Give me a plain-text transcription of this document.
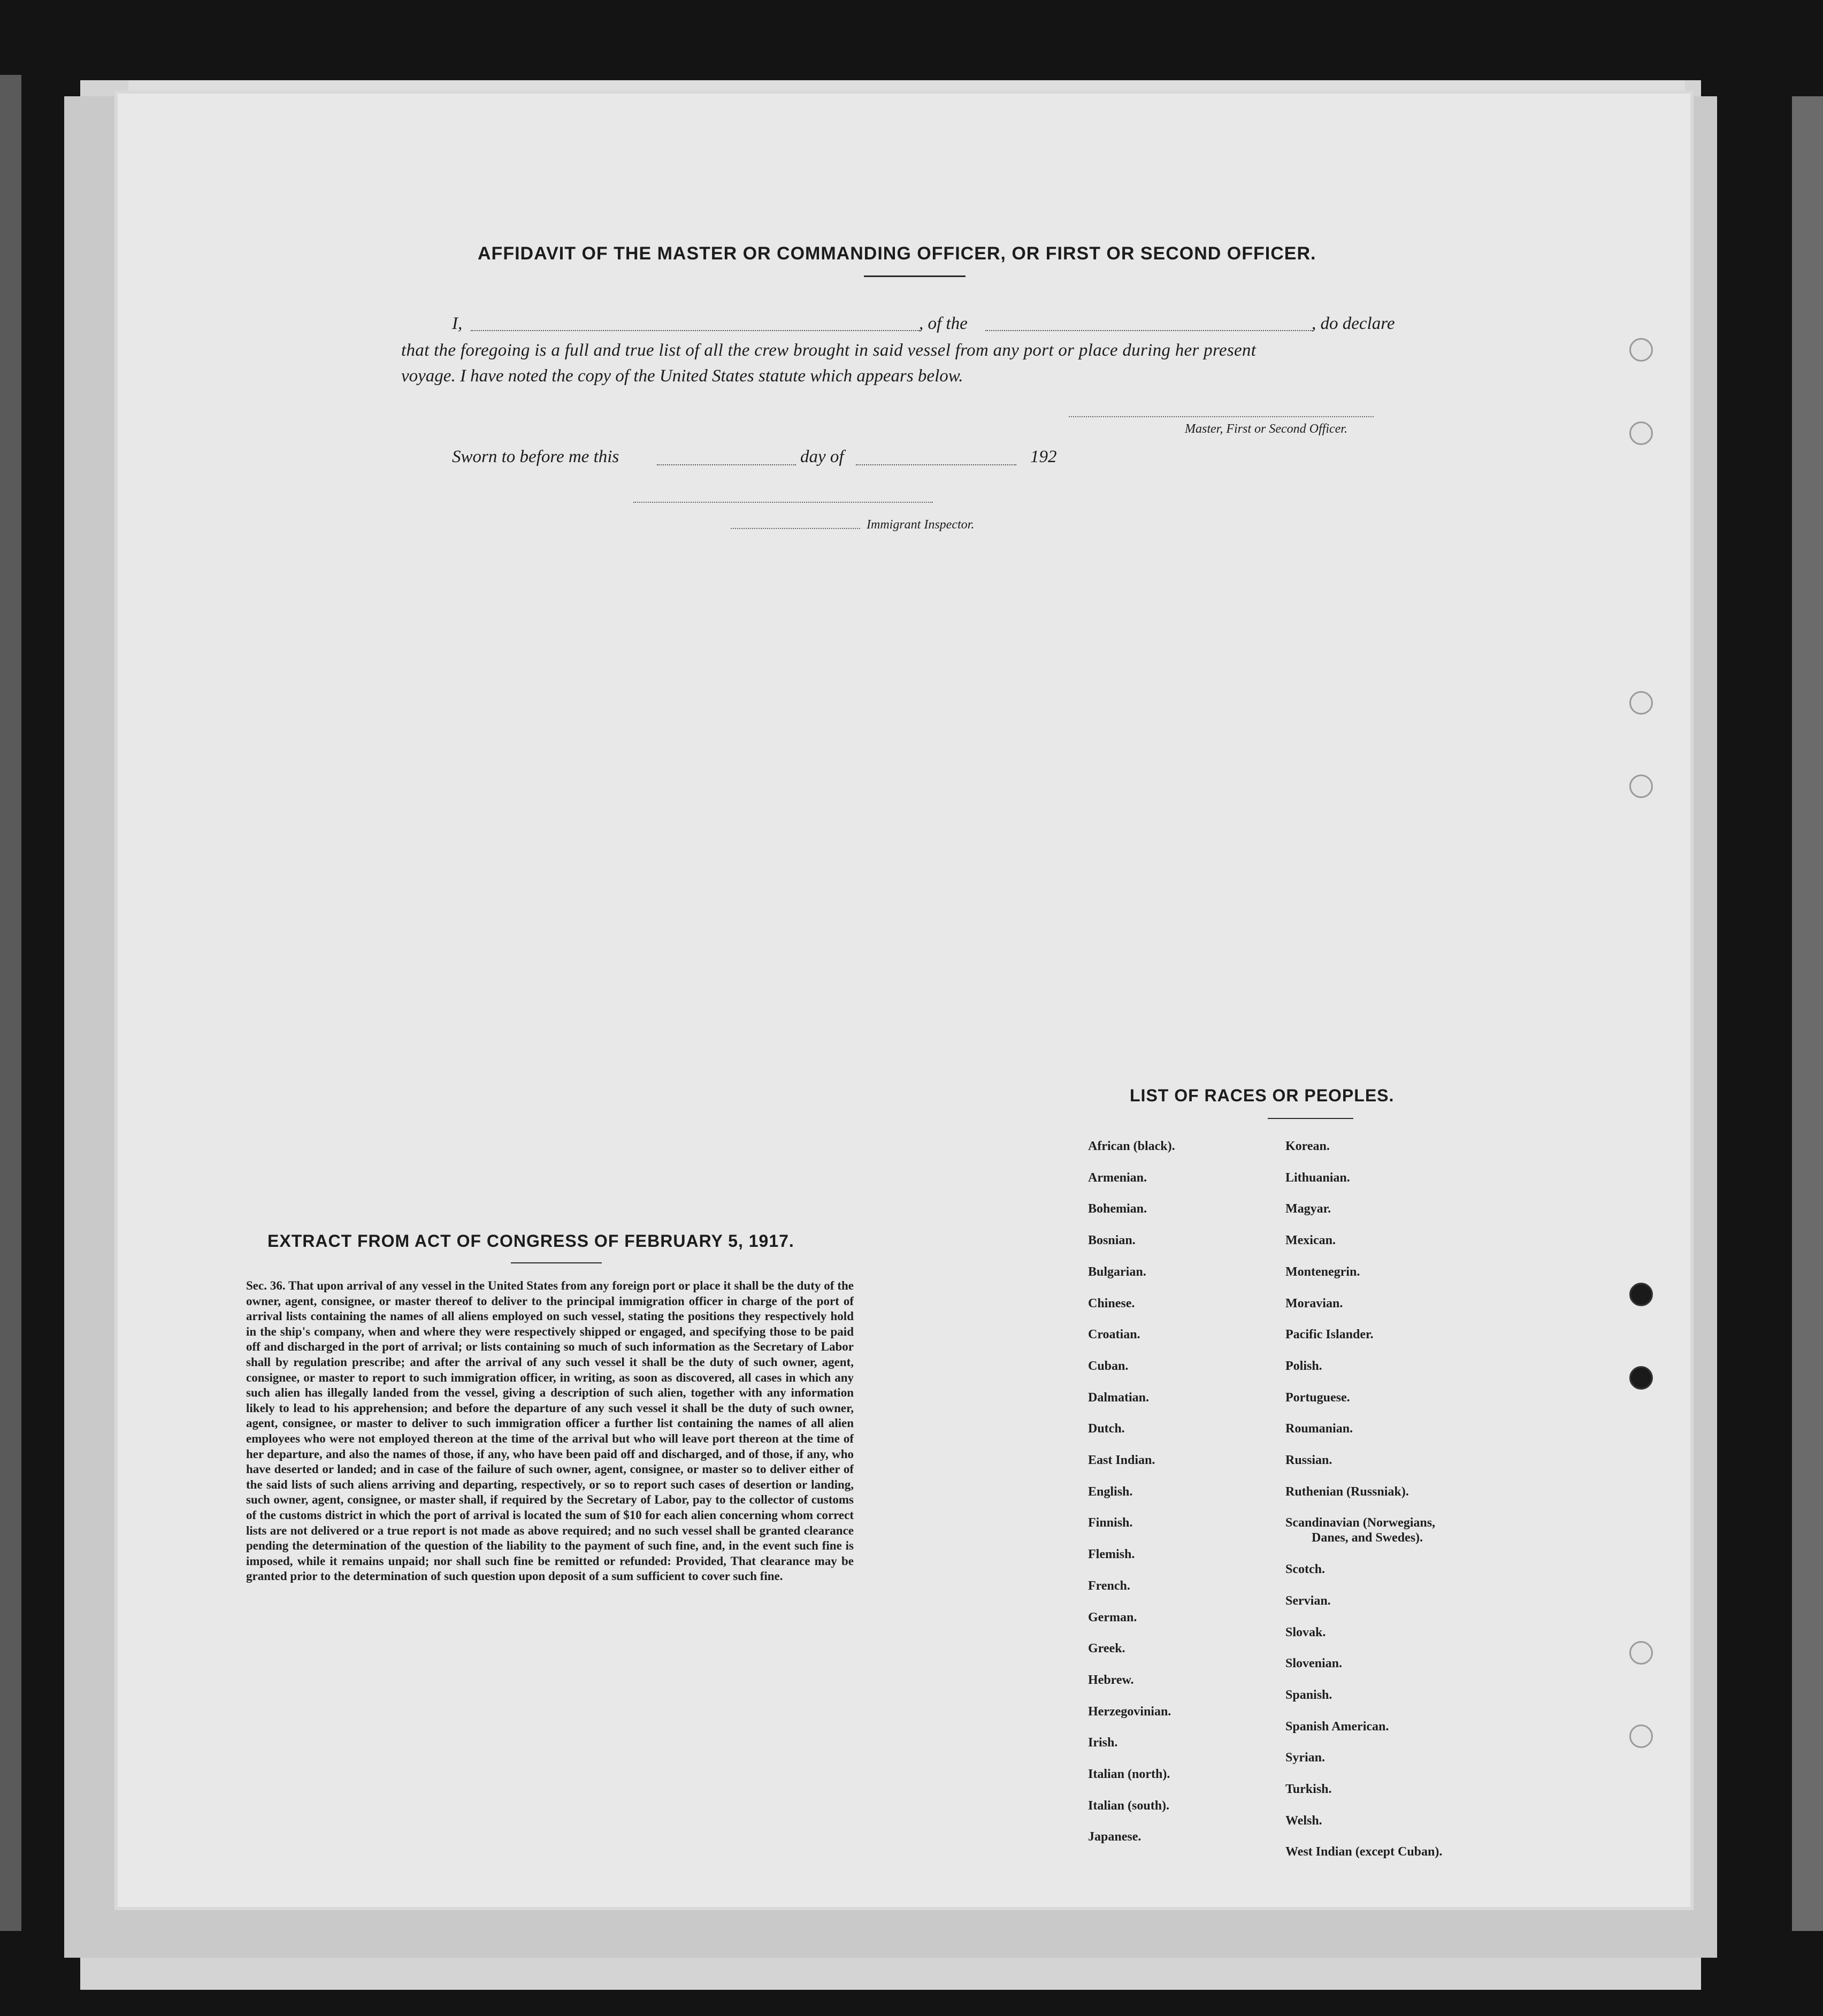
AFFIDAVIT OF THE MASTER OR COMMANDING OFFICER, OR FIRST OR SECOND OFFICER.
I,	, of the	, do declare
that the foregoing is a full and true list of all the crew brought in said vessel from any port or place during her present
voyage. I have noted the copy of the United States statute which appears below.
Master, First or Second Officer.
Sworn to before me this	day of	192
Immigrant Inspector.
EXTRACT FROM ACT OF CONGRESS OF FEBRUARY 5, 1917.
Sec. 36. That upon arrival of any vessel in the United States from any foreign port or place it shall be the duty of the owner, agent, consignee, or master thereof to deliver to the principal immigration officer in charge of the port of arrival lists containing the names of all aliens employed on such vessel, stating the positions they respectively hold in the ship's company, when and where they were respectively shipped or engaged, and specifying those to be paid off and discharged in the port of arrival; or lists containing so much of such information as the Secretary of Labor shall by regulation prescribe; and after the arrival of any such vessel it shall be the duty of such owner, agent, consignee, or master to report to such immigration officer, in writing, as soon as discovered, all cases in which any such alien has illegally landed from the vessel, giving a description of such alien, together with any information likely to lead to his apprehension; and before the departure of any such vessel it shall be the duty of such owner, agent, consignee, or master to deliver to such immigration officer a further list containing the names of all alien employees who were not employed thereon at the time of the arrival but who will leave port thereon at the time of her departure, and also the names of those, if any, who have been paid off and discharged, and of those, if any, who have deserted or landed; and in case of the failure of such owner, agent, consignee, or master so to deliver either of the said lists of such aliens arriving and departing, respectively, or so to report such cases of desertion or landing, such owner, agent, consignee, or master shall, if required by the Secretary of Labor, pay to the collector of customs of the customs district in which the port of arrival is located the sum of $10 for each alien concerning whom correct lists are not delivered or a true report is not made as above required; and no such vessel shall be granted clearance pending the determination of the question of the liability to the payment of such fine, and, in the event such fine is imposed, while it remains unpaid; nor shall such fine be remitted or refunded: Provided, That clearance may be granted prior to the determination of such question upon deposit of a sum sufficient to cover such fine.
LIST OF RACES OR PEOPLES.
African (black).
Armenian.
Bohemian.
Bosnian.
Bulgarian.
Chinese.
Croatian.
Cuban.
Dalmatian.
Dutch.
East Indian.
English.
Finnish.
Flemish.
French.
German.
Greek.
Hebrew.
Herzegovinian.
Irish.
Italian (north).
Italian (south).
Japanese.
Korean.
Lithuanian.
Magyar.
Mexican.
Montenegrin.
Moravian.
Pacific Islander.
Polish.
Portuguese.
Roumanian.
Russian.
Ruthenian (Russniak).
Scandinavian (Norwegians,
Danes, and Swedes).
Scotch.
Servian.
Slovak.
Slovenian.
Spanish.
Spanish American.
Syrian.
Turkish.
Welsh.
West Indian (except Cuban).
